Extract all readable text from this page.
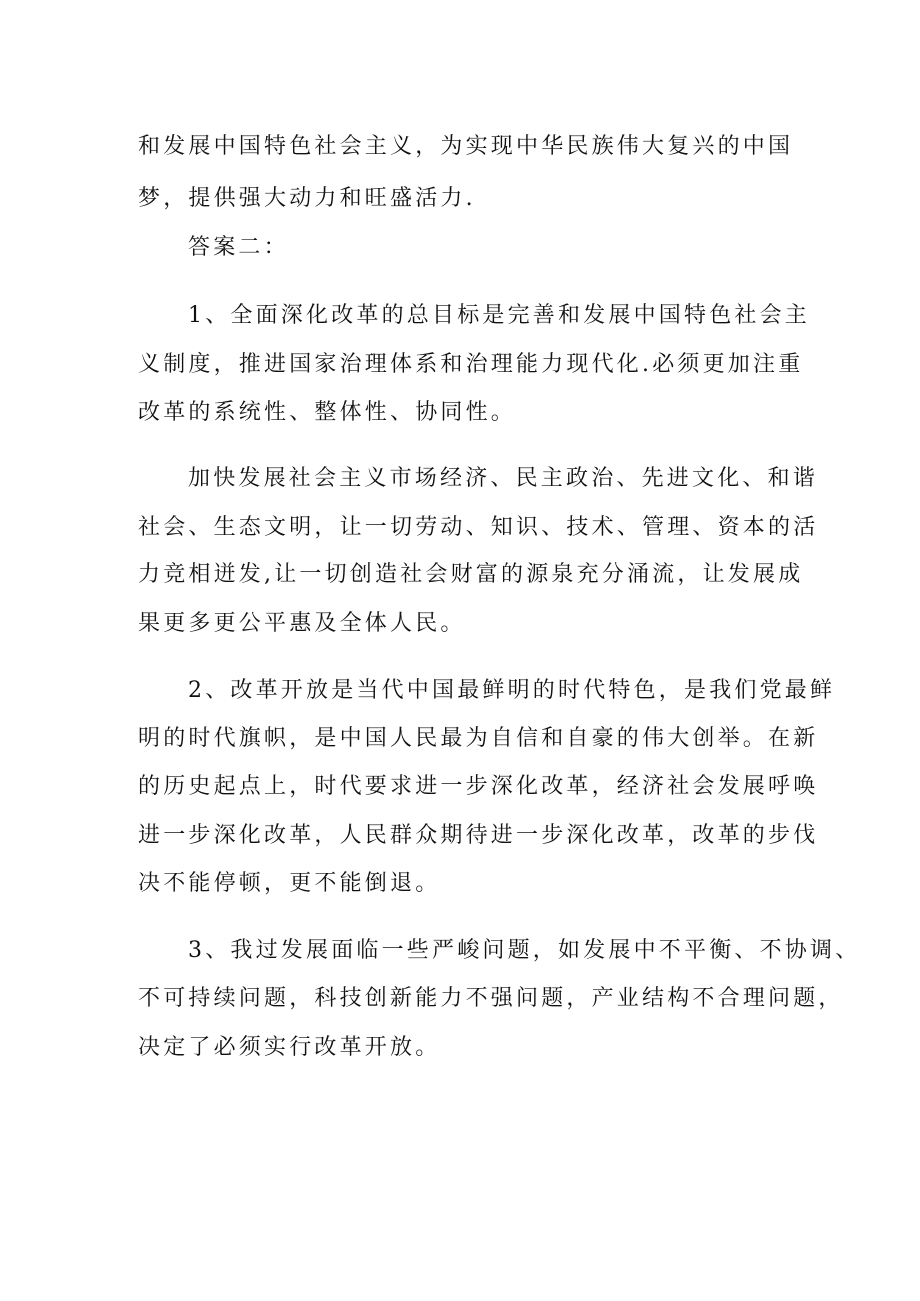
和发展中国特色社会主义，为实现中华民族伟大复兴的中国
梦，提供强大动力和旺盛活力.
答案二：
1、全面深化改革的总目标是完善和发展中国特色社会主
义制度，推进国家治理体系和治理能力现代化.必须更加注重
改革的系统性、整体性、协同性。
加快发展社会主义市场经济、民主政治、先进文化、和谐
社会、生态文明，让一切劳动、知识、技术、管理、资本的活
力竞相迸发,让一切创造社会财富的源泉充分涌流，让发展成
果更多更公平惠及全体人民。
2、改革开放是当代中国最鲜明的时代特色，是我们党最鲜
明的时代旗帜，是中国人民最为自信和自豪的伟大创举。在新
的历史起点上，时代要求进一步深化改革，经济社会发展呼唤
进一步深化改革，人民群众期待进一步深化改革，改革的步伐
决不能停顿，更不能倒退。
3、我过发展面临一些严峻问题，如发展中不平衡、不协调、
不可持续问题，科技创新能力不强问题，产业结构不合理问题，
决定了必须实行改革开放。
